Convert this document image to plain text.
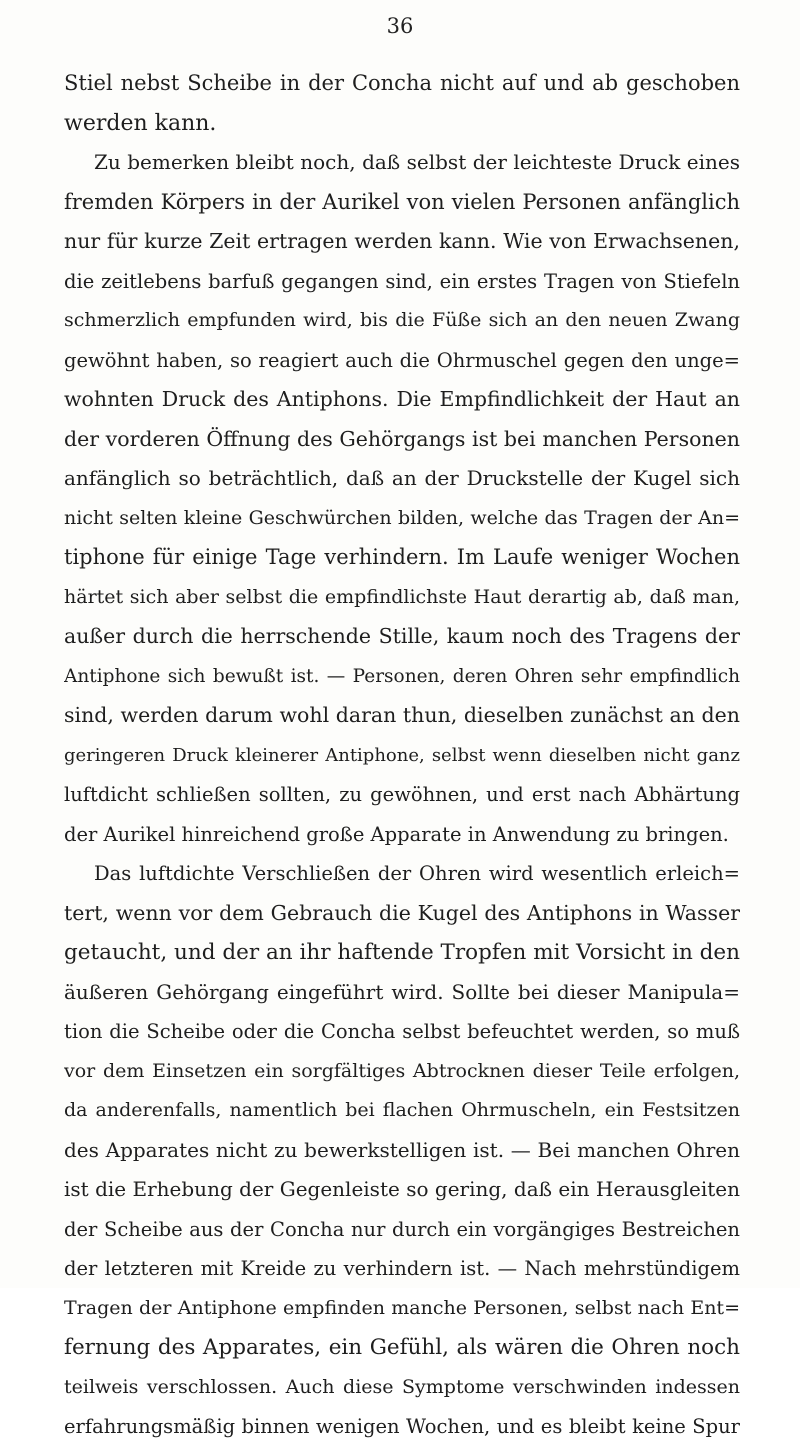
36
Stiel nebst Scheibe in der Concha nicht auf und ab geschoben
werden kann.
Zu bemerken bleibt noch, daß selbst der leichteste Druck eines
fremden Körpers in der Aurikel von vielen Personen anfänglich
nur für kurze Zeit ertragen werden kann. Wie von Erwachsenen,
die zeitlebens barfuß gegangen sind, ein erstes Tragen von Stiefeln
schmerzlich empfunden wird, bis die Füße sich an den neuen Zwang
gewöhnt haben, so reagiert auch die Ohrmuschel gegen den unge=
wohnten Druck des Antiphons. Die Empfindlichkeit der Haut an
der vorderen Öffnung des Gehörgangs ist bei manchen Personen
anfänglich so beträchtlich, daß an der Druckstelle der Kugel sich
nicht selten kleine Geschwürchen bilden, welche das Tragen der An=
tiphone für einige Tage verhindern. Im Laufe weniger Wochen
härtet sich aber selbst die empfindlichste Haut derartig ab, daß man,
außer durch die herrschende Stille, kaum noch des Tragens der
Antiphone sich bewußt ist. — Personen, deren Ohren sehr empfindlich
sind, werden darum wohl daran thun, dieselben zunächst an den
geringeren Druck kleinerer Antiphone, selbst wenn dieselben nicht ganz
luftdicht schließen sollten, zu gewöhnen, und erst nach Abhärtung
der Aurikel hinreichend große Apparate in Anwendung zu bringen.
Das luftdichte Verschließen der Ohren wird wesentlich erleich=
tert, wenn vor dem Gebrauch die Kugel des Antiphons in Wasser
getaucht, und der an ihr haftende Tropfen mit Vorsicht in den
äußeren Gehörgang eingeführt wird. Sollte bei dieser Manipula=
tion die Scheibe oder die Concha selbst befeuchtet werden, so muß
vor dem Einsetzen ein sorgfältiges Abtrocknen dieser Teile erfolgen,
da anderenfalls, namentlich bei flachen Ohrmuscheln, ein Festsitzen
des Apparates nicht zu bewerkstelligen ist. — Bei manchen Ohren
ist die Erhebung der Gegenleiste so gering, daß ein Herausgleiten
der Scheibe aus der Concha nur durch ein vorgängiges Bestreichen
der letzteren mit Kreide zu verhindern ist. — Nach mehrstündigem
Tragen der Antiphone empfinden manche Personen, selbst nach Ent=
fernung des Apparates, ein Gefühl, als wären die Ohren noch
teilweis verschlossen. Auch diese Symptome verschwinden indessen
erfahrungsmäßig binnen wenigen Wochen, und es bleibt keine Spur
